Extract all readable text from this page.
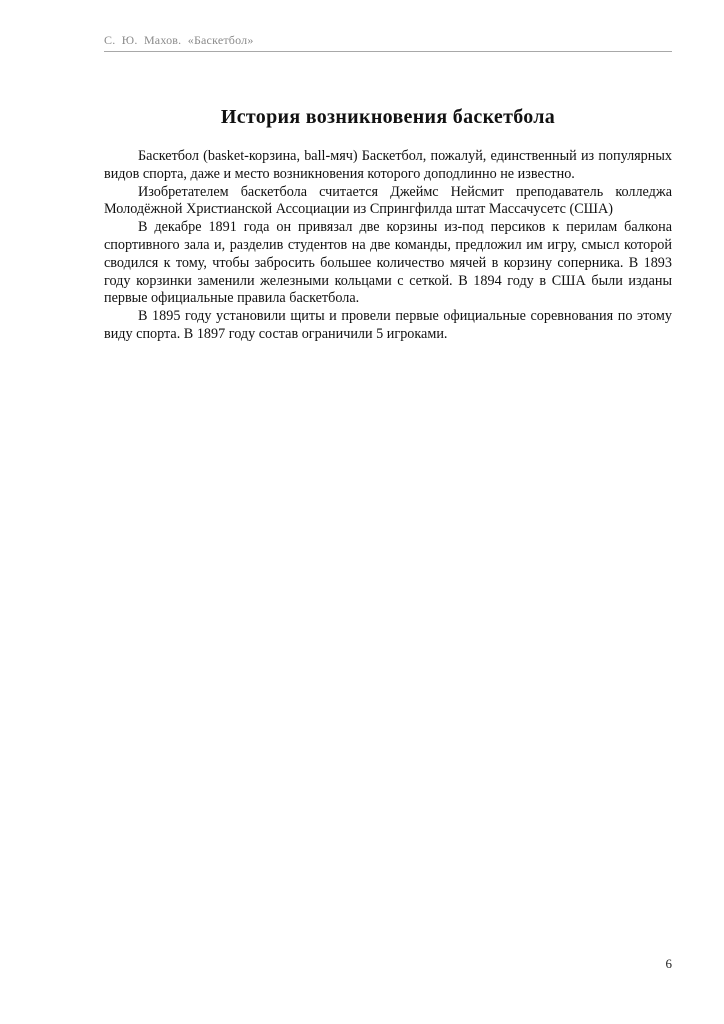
С.  Ю.  Махов.  «Баскетбол»
История возникновения баскетбола

Баскетбол (basket-корзина, ball-мяч) Баскетбол, пожалуй, единственный из популярных видов спорта, даже и место возникновения которого доподлинно не известно.

Изобретателем баскетбола считается Джеймс Нейсмит преподаватель колледжа Молодёжной Христианской Ассоциации из Спрингфилда штат Массачусетс (США)

В декабре 1891 года он привязал две корзины из-под персиков к перилам балкона спортивного зала и, разделив студентов на две команды, предложил им игру, смысл которой сводился к тому, чтобы забросить большее количество мячей в корзину соперника. В 1893 году корзинки заменили железными кольцами с сеткой. В 1894 году в США были изданы первые официальные правила баскетбола.

В 1895 году установили щиты и провели первые официальные соревнования по этому виду спорта. В 1897 году состав ограничили 5 игроками.

6
